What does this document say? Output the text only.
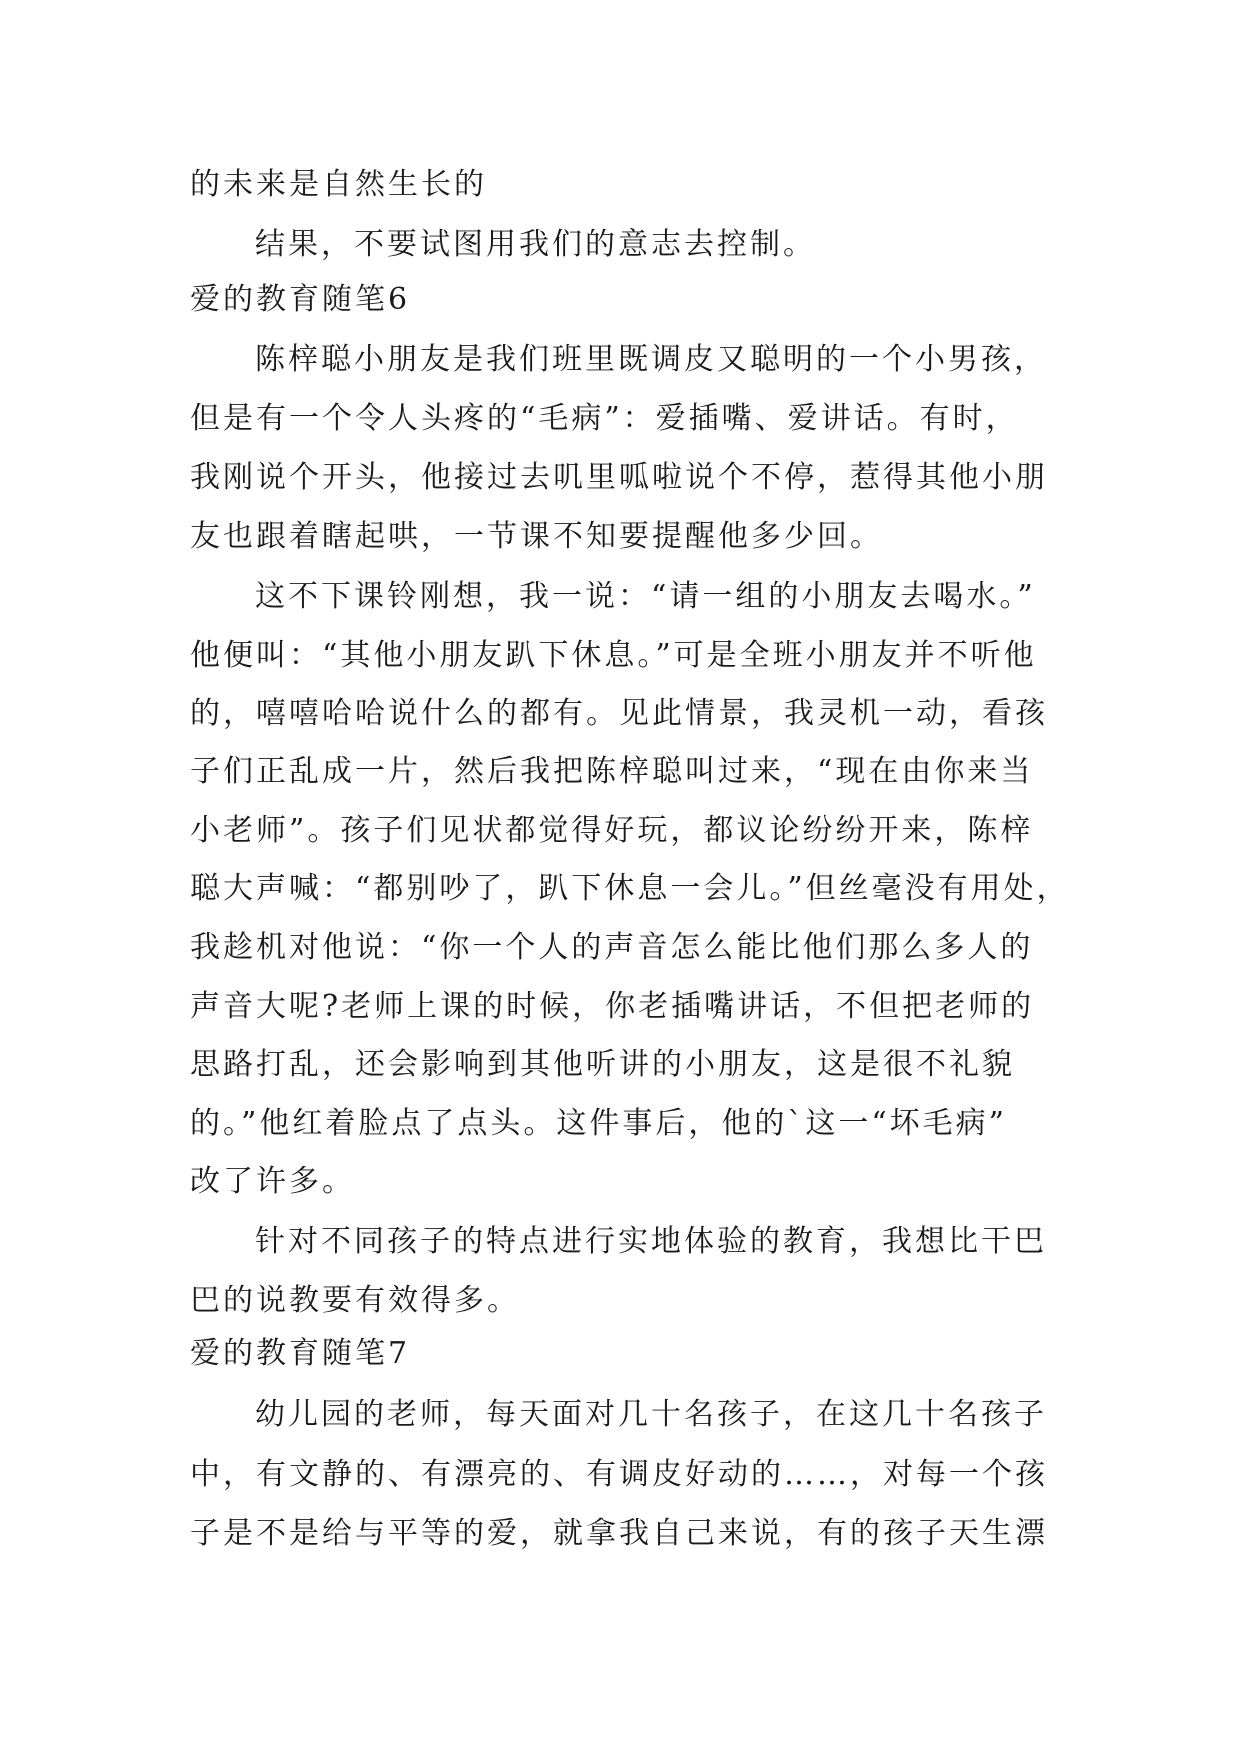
的未来是自然生长的
结果，不要试图用我们的意志去控制。
爱的教育随笔6
陈梓聪小朋友是我们班里既调皮又聪明的一个小男孩，
但是有一个令人头疼的“毛病”：爱插嘴、爱讲话。有时，
我刚说个开头，他接过去叽里呱啦说个不停，惹得其他小朋
友也跟着瞎起哄，一节课不知要提醒他多少回。
这不下课铃刚想，我一说：“请一组的小朋友去喝水。”
他便叫：“其他小朋友趴下休息。”可是全班小朋友并不听他
的，嘻嘻哈哈说什么的都有。见此情景，我灵机一动，看孩
子们正乱成一片，然后我把陈梓聪叫过来，“现在由你来当
小老师”。孩子们见状都觉得好玩，都议论纷纷开来，陈梓
聪大声喊：“都别吵了，趴下休息一会儿。”但丝毫没有用处，
我趁机对他说：“你一个人的声音怎么能比他们那么多人的
声音大呢?老师上课的时候，你老插嘴讲话，不但把老师的
思路打乱，还会影响到其他听讲的小朋友，这是很不礼貌
的。”他红着脸点了点头。这件事后，他的`这一“坏毛病”
改了许多。
针对不同孩子的特点进行实地体验的教育，我想比干巴
巴的说教要有效得多。
爱的教育随笔7
幼儿园的老师，每天面对几十名孩子，在这几十名孩子
中，有文静的、有漂亮的、有调皮好动的……，对每一个孩
子是不是给与平等的爱，就拿我自己来说，有的孩子天生漂
